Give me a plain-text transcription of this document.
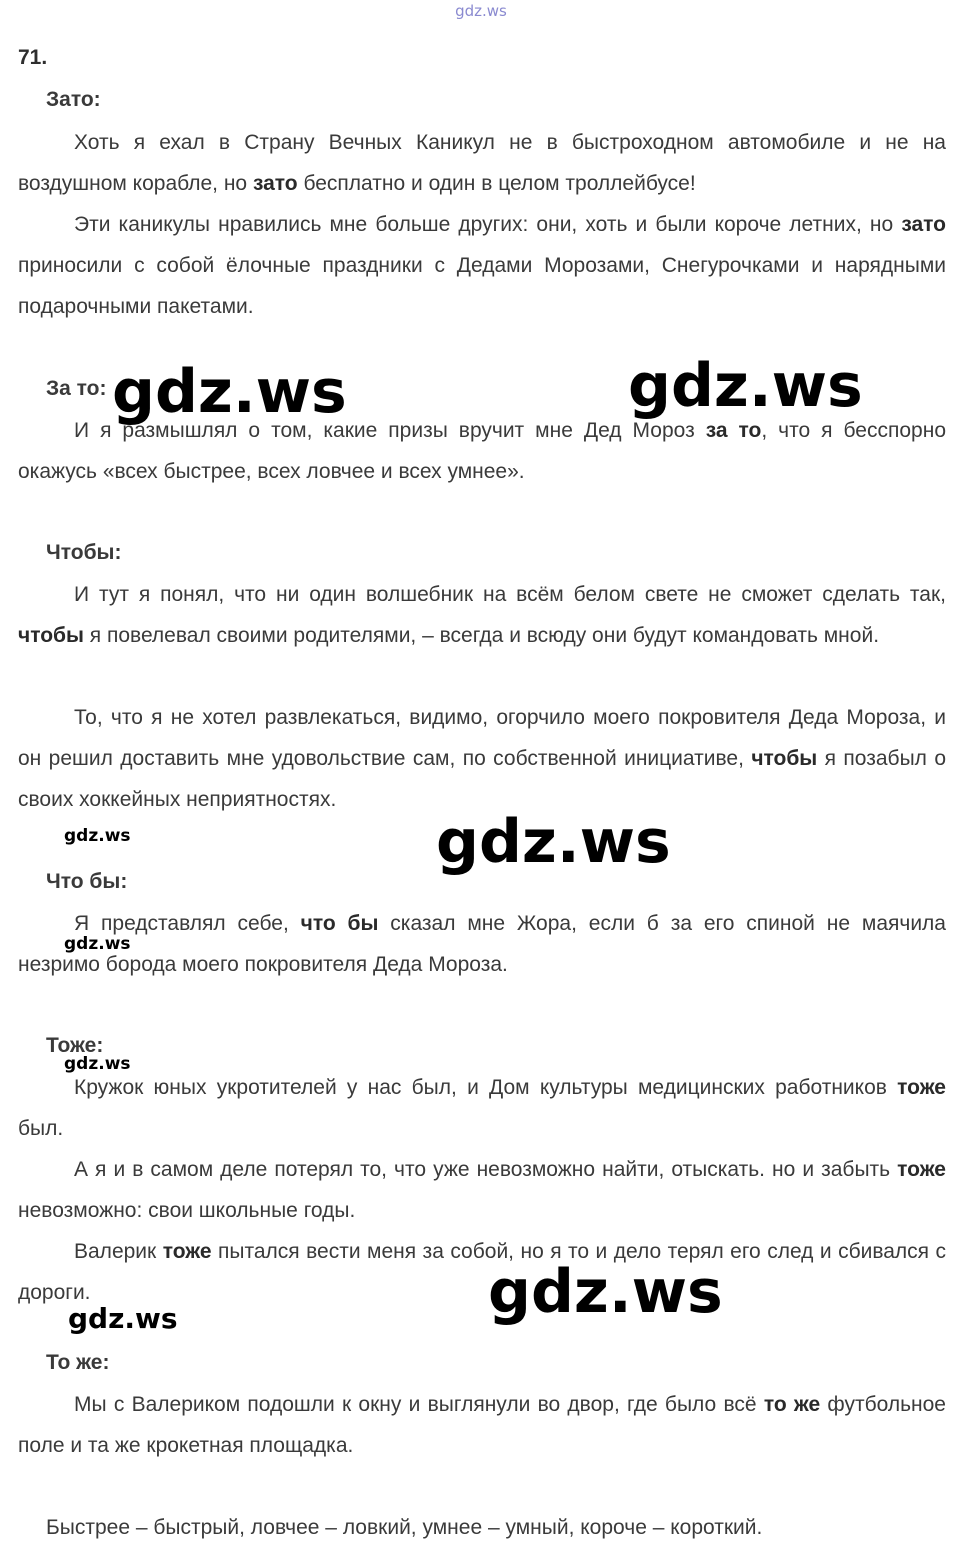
gdz.ws
71.
Зато:

Хоть я ехал в Страну Вечных Каникул не в быстроходном автомобиле и не на воздушном корабле, но зато бесплатно и один в целом троллейбусе!

Эти каникулы нравились мне больше других: они, хоть и были короче летних, но зато приносили с собой ёлочные праздники с Дедами Морозами, Снегурочками и нарядными подарочными пакетами.

За то:

И я размышлял о том, какие призы вручит мне Дед Мороз за то, что я бесспорно окажусь «всех быстрее, всех ловчее и всех умнее».

Чтобы:

И тут я понял, что ни один волшебник на всём белом свете не сможет сделать так, чтобы я повелевал своими родителями, – всегда и всюду они будут командовать мной.

То, что я не хотел развлекаться, видимо, огорчило моего покровителя Деда Мороза, и он решил доставить мне удовольствие сам, по собственной инициативе, чтобы я позабыл о своих хоккейных неприятностях.

Что бы:

Я представлял себе, что бы сказал мне Жора, если б за его спиной не маячила незримо борода моего покровителя Деда Мороза.

Тоже:

Кружок юных укротителей у нас был, и Дом культуры медицинских работников тоже был.

А я и в самом деле потерял то, что уже невозможно найти, отыскать. но и забыть тоже невозможно: свои школьные годы.

Валерик тоже пытался вести меня за собой, но я то и дело терял его след и сбивался с дороги.

То же:

Мы с Валериком подошли к окну и выглянули во двор, где было всё то же футбольное поле и та же крокетная площадка.

Быстрее – быстрый, ловчее – ловкий, умнее – умный, короче – короткий.
gdz.ws	gdz.ws
gdz.ws
gdz.ws
gdz.ws
gdz.ws
gdz.ws
gdz.ws
